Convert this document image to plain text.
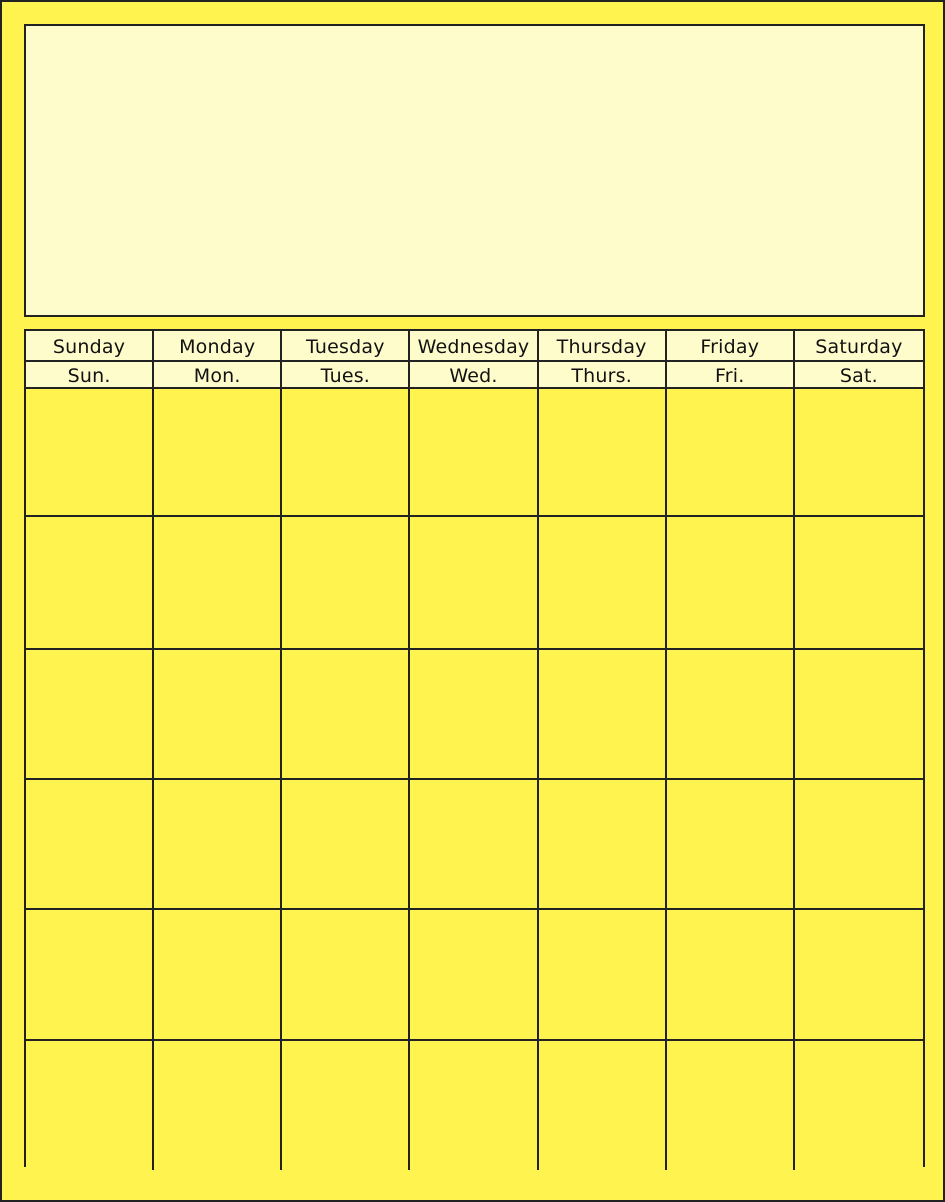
Sunday	Monday	Tuesday	Wednesday	Thursday	Friday	Saturday
Sun.	Mon.	Tues.	Wed.	Thurs.	Fri.	Sat.
